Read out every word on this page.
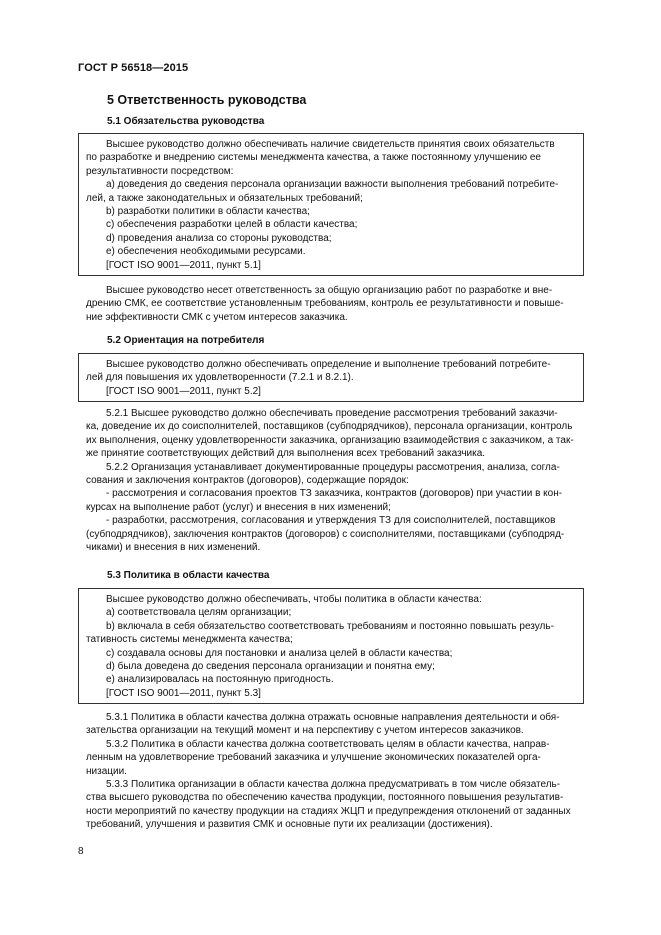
ГОСТ Р 56518—2015
5 Ответственность руководства
5.1 Обязательства руководства
Высшее руководство должно обеспечивать наличие свидетельств принятия своих обязательств
по разработке и внедрению системы менеджмента качества, а также постоянному улучшению ее
результативности посредством:
а) доведения до сведения персонала организации важности выполнения требований потребите-
лей, а также законодательных и обязательных требований;
b) разработки политики в области качества;
c) обеспечения разработки целей в области качества;
d) проведения анализа со стороны руководства;
e) обеспечения необходимыми ресурсами.
[ГОСТ ISO 9001—2011, пункт 5.1]
Высшее руководство несет ответственность за общую организацию работ по разработке и вне-
дрению СМК, ее соответствие установленным требованиям, контроль ее результативности и повыше-
ние эффективности СМК с учетом интересов заказчика.
5.2 Ориентация на потребителя
Высшее руководство должно обеспечивать определение и выполнение требований потребите-
лей для повышения их удовлетворенности (7.2.1 и 8.2.1).
[ГОСТ ISO 9001—2011, пункт 5.2]
5.2.1 Высшее руководство должно обеспечивать проведение рассмотрения требований заказчи-
ка, доведение их до соисполнителей, поставщиков (субподрядчиков), персонала организации, контроль
их выполнения, оценку удовлетворенности заказчика, организацию взаимодействия с заказчиком, а так-
же принятие соответствующих действий для выполнения всех требований заказчика.
5.2.2 Организация устанавливает документированные процедуры рассмотрения, анализа, согла-
сования и заключения контрактов (договоров), содержащие порядок:
- рассмотрения и согласования проектов ТЗ заказчика, контрактов (договоров) при участии в кон-
курсах на выполнение работ (услуг) и внесения в них изменений;
- разработки, рассмотрения, согласования и утверждения ТЗ для соисполнителей, поставщиков
(субподрядчиков), заключения контрактов (договоров) с соисполнителями, поставщиками (субподряд-
чиками) и внесения в них изменений.
5.3 Политика в области качества
Высшее руководство должно обеспечивать, чтобы политика в области качества:
а) соответствовала целям организации;
b) включала в себя обязательство соответствовать требованиям и постоянно повышать резуль-
тативность системы менеджмента качества;
c) создавала основы для постановки и анализа целей в области качества;
d) была доведена до сведения персонала организации и понятна ему;
e) анализировалась на постоянную пригодность.
[ГОСТ ISO 9001—2011, пункт 5.3]
5.3.1 Политика в области качества должна отражать основные направления деятельности и обя-
зательства организации на текущий момент и на перспективу с учетом интересов заказчиков.
5.3.2 Политика в области качества должна соответствовать целям в области качества, направ-
ленным на удовлетворение требований заказчика и улучшение экономических показателей орга-
низации.
5.3.3 Политика организации в области качества должна предусматривать в том числе обязатель-
ства высшего руководства по обеспечению качества продукции, постоянного повышения результатив-
ности мероприятий по качеству продукции на стадиях ЖЦП и предупреждения отклонений от заданных
требований, улучшения и развития СМК и основные пути их реализации (достижения).
8
